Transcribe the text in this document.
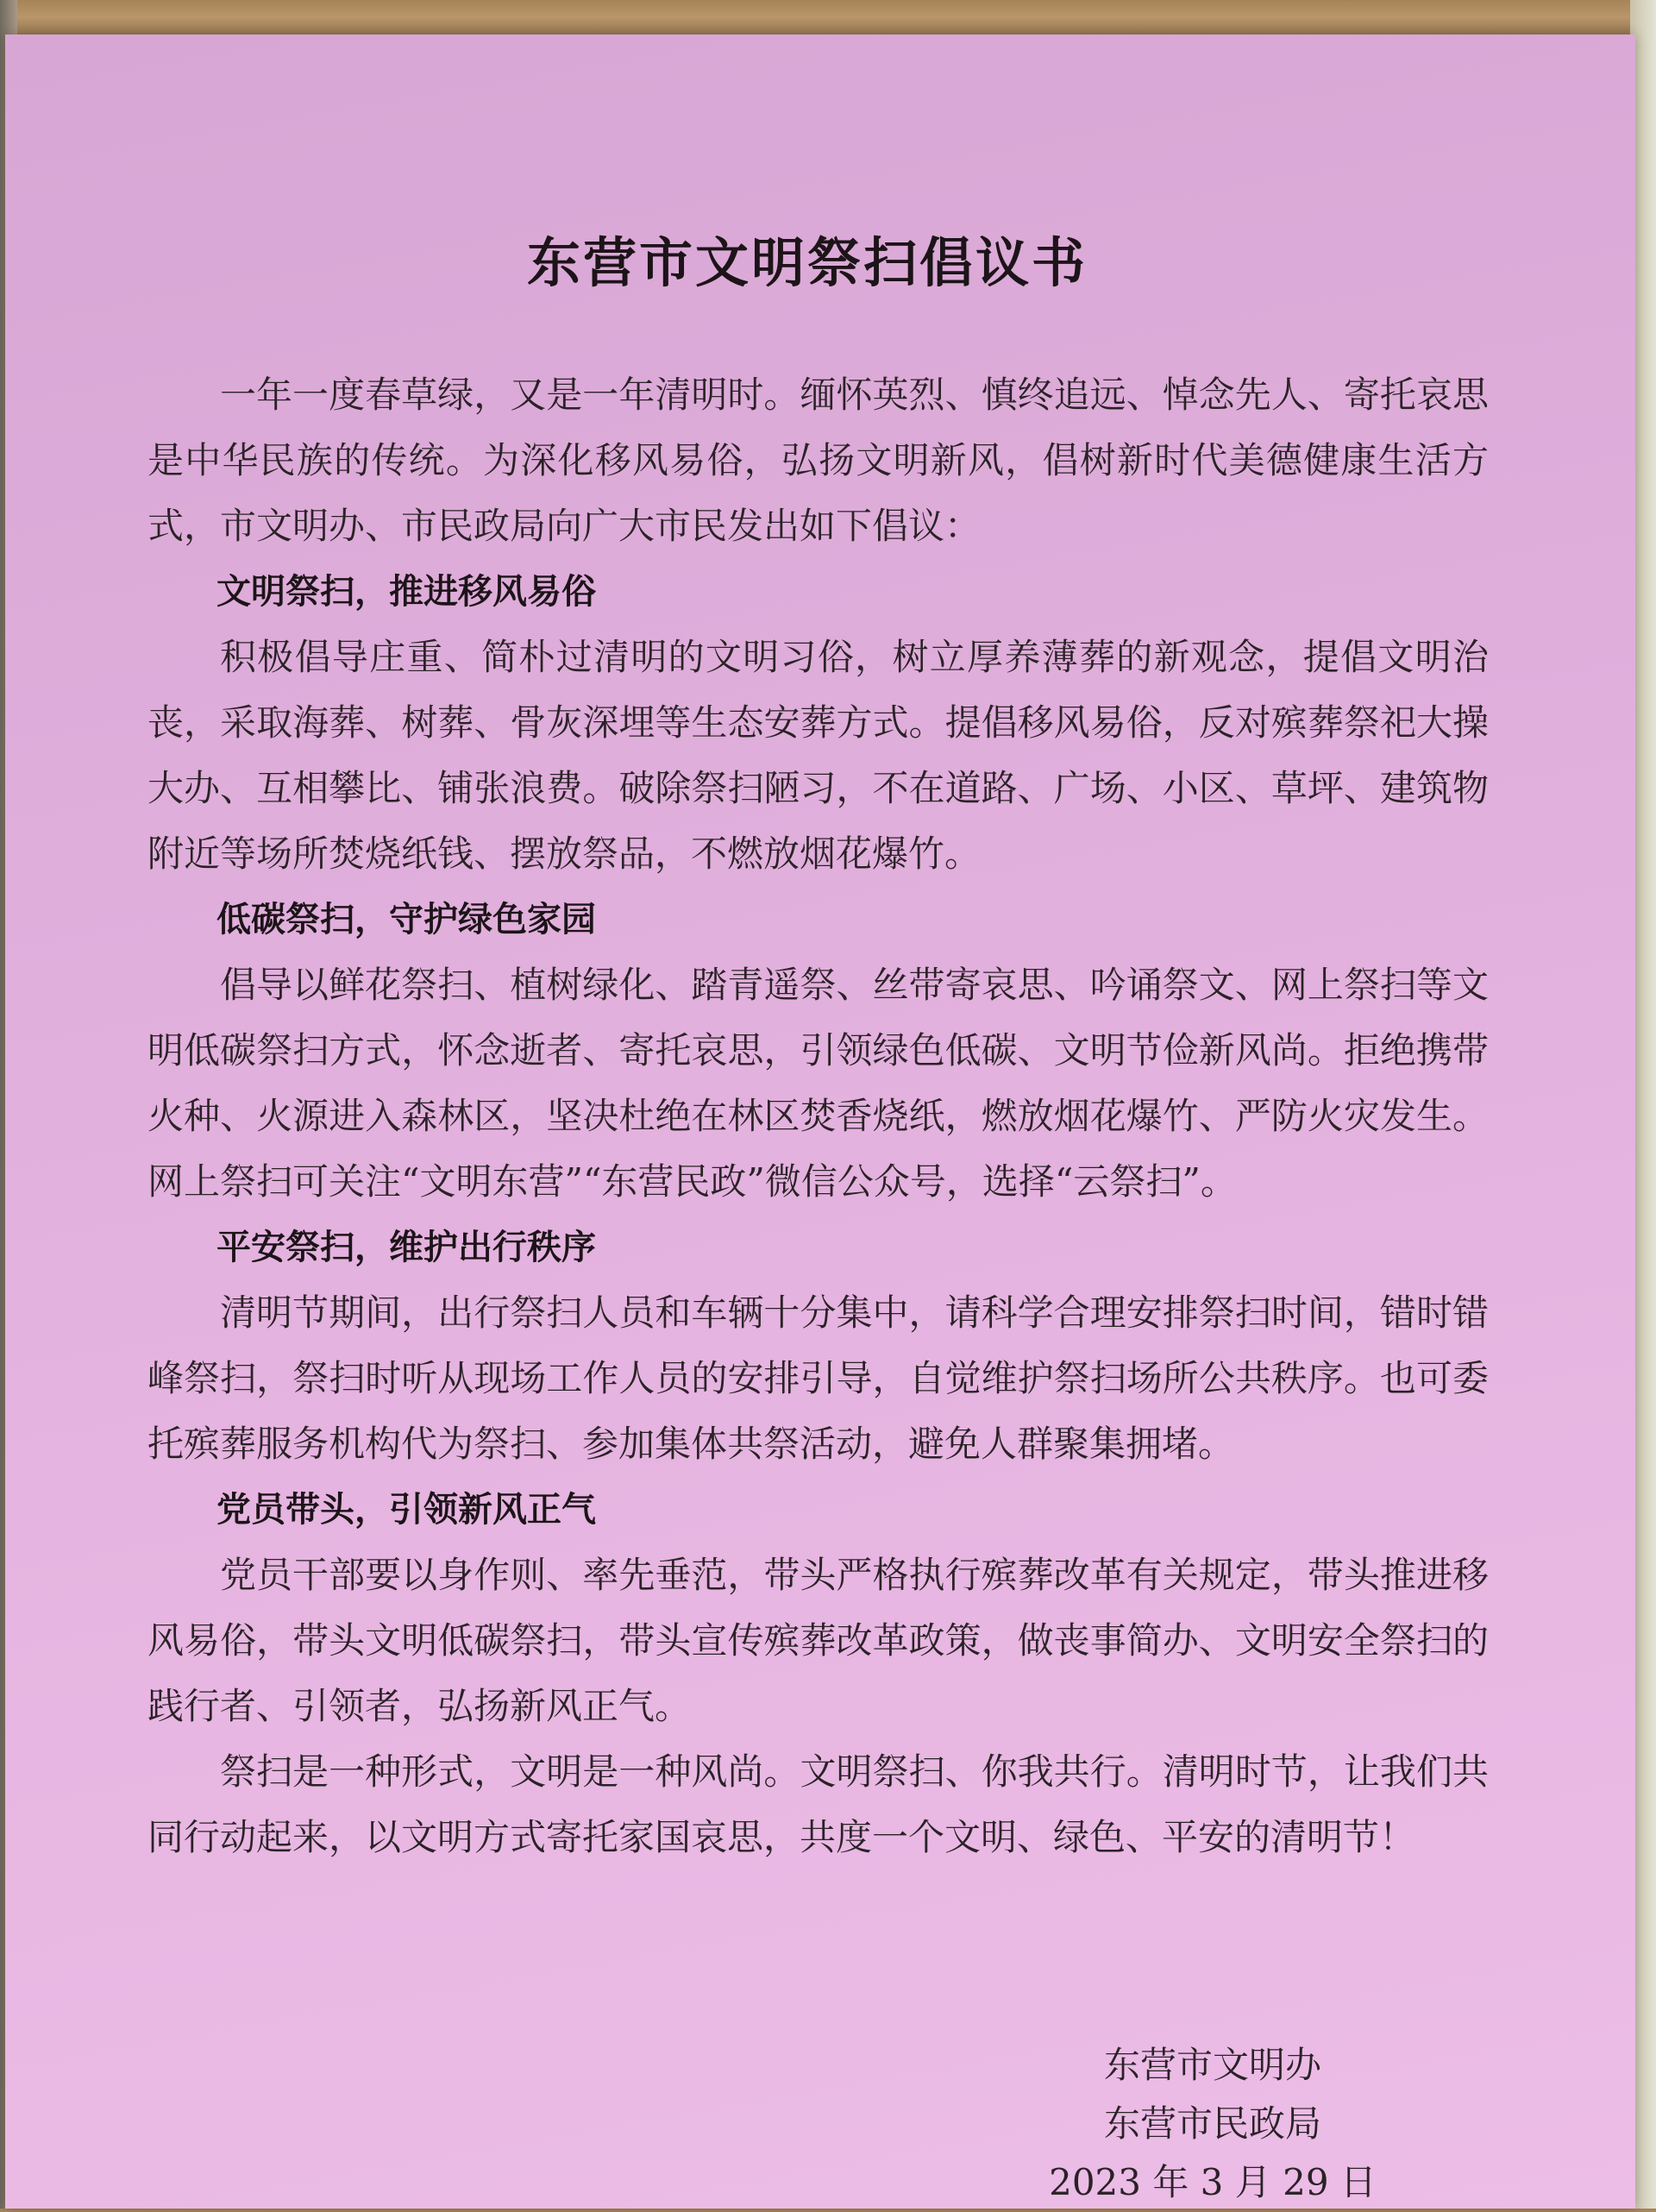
东营市文明祭扫倡议书

一年一度春草绿，又是一年清明时。缅怀英烈、慎终追远、悼念先人、寄托哀思是中华民族的传统。为深化移风易俗，弘扬文明新风，倡树新时代美德健康生活方式，市文明办、市民政局向广大市民发出如下倡议：

文明祭扫，推进移风易俗

积极倡导庄重、简朴过清明的文明习俗，树立厚养薄葬的新观念，提倡文明治丧，采取海葬、树葬、骨灰深埋等生态安葬方式。提倡移风易俗，反对殡葬祭祀大操大办、互相攀比、铺张浪费。破除祭扫陋习，不在道路、广场、小区、草坪、建筑物附近等场所焚烧纸钱、摆放祭品，不燃放烟花爆竹。

低碳祭扫，守护绿色家园

倡导以鲜花祭扫、植树绿化、踏青遥祭、丝带寄哀思、吟诵祭文、网上祭扫等文明低碳祭扫方式，怀念逝者、寄托哀思，引领绿色低碳、文明节俭新风尚。拒绝携带火种、火源进入森林区，坚决杜绝在林区焚香烧纸，燃放烟花爆竹、严防火灾发生。网上祭扫可关注“文明东营”“东营民政”微信公众号，选择“云祭扫”。

平安祭扫，维护出行秩序

清明节期间，出行祭扫人员和车辆十分集中，请科学合理安排祭扫时间，错时错峰祭扫，祭扫时听从现场工作人员的安排引导，自觉维护祭扫场所公共秩序。也可委托殡葬服务机构代为祭扫、参加集体共祭活动，避免人群聚集拥堵。

党员带头，引领新风正气

党员干部要以身作则、率先垂范，带头严格执行殡葬改革有关规定，带头推进移风易俗，带头文明低碳祭扫，带头宣传殡葬改革政策，做丧事简办、文明安全祭扫的践行者、引领者，弘扬新风正气。

祭扫是一种形式，文明是一种风尚。文明祭扫、你我共行。清明时节，让我们共同行动起来，以文明方式寄托家国哀思，共度一个文明、绿色、平安的清明节！

东营市文明办
东营市民政局
2023 年 3 月 29 日
